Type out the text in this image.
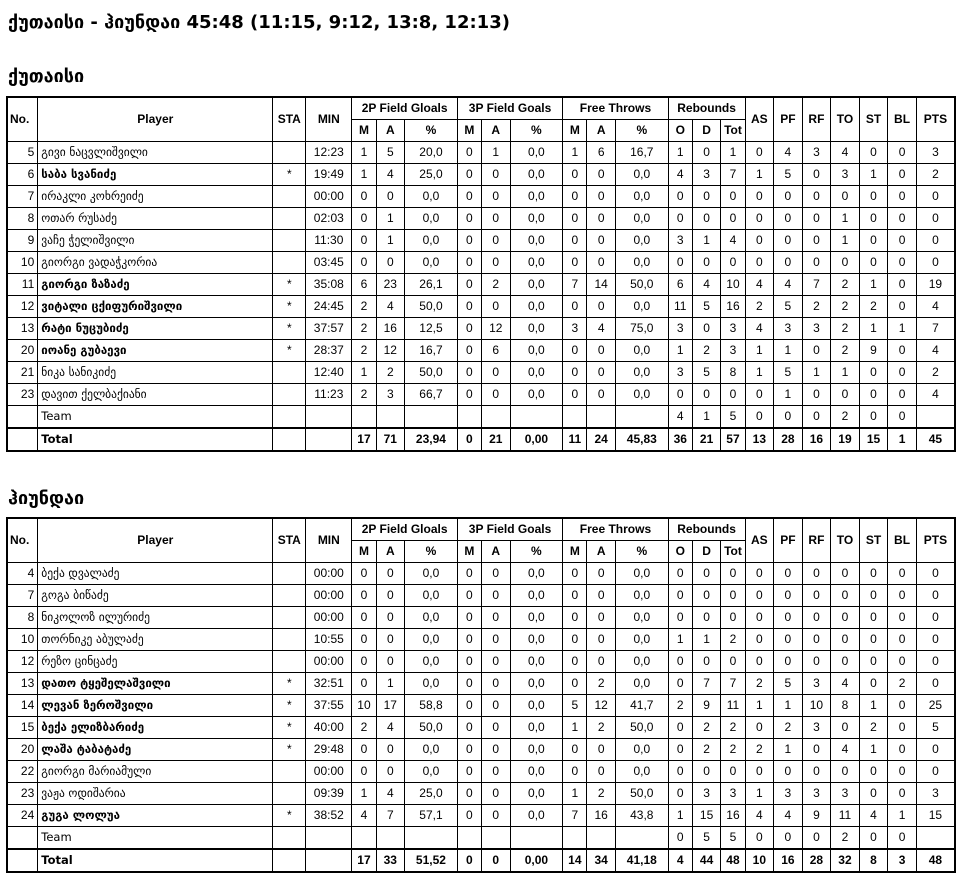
ქუთაისი - ჰიუნდაი 45:48 (11:15, 9:12, 13:8, 12:13)
ქუთაისი
No.	Player	STA	MIN	2P Field Gloals			3P Field Goals			Free Throws			Rebounds			AS	PF	RF	TO	ST	BL	PTS
				M	A	%	M	A	%	M	A	%	O	D	Tot							
5	გივი ნაცვლიშვილი		12:23	1	5	20,0	0	1	0,0	1	6	16,7	1	0	1	0	4	3	4	0	0	3
6	საბა სვანიძე	*	19:49	1	4	25,0	0	0	0,0	0	0	0,0	4	3	7	1	5	0	3	1	0	2
7	ირაკლი კოხრეიძე		00:00	0	0	0,0	0	0	0,0	0	0	0,0	0	0	0	0	0	0	0	0	0	0
8	ოთარ რუსაძე		02:03	0	1	0,0	0	0	0,0	0	0	0,0	0	0	0	0	0	0	1	0	0	0
9	ვაჩე ჭელიშვილი		11:30	0	1	0,0	0	0	0,0	0	0	0,0	3	1	4	0	0	0	1	0	0	0
10	გიორგი ვადაჭკორია		03:45	0	0	0,0	0	0	0,0	0	0	0,0	0	0	0	0	0	0	0	0	0	0
11	გიორგი ზაზაძე	*	35:08	6	23	26,1	0	2	0,0	7	14	50,0	6	4	10	4	4	7	2	1	0	19
12	ვიტალი ცქიფურიშვილი	*	24:45	2	4	50,0	0	0	0,0	0	0	0,0	11	5	16	2	5	2	2	2	0	4
13	რატი ნუცუბიძე	*	37:57	2	16	12,5	0	12	0,0	3	4	75,0	3	0	3	4	3	3	2	1	1	7
20	იოანე გუბაევი	*	28:37	2	12	16,7	0	6	0,0	0	0	0,0	1	2	3	1	1	0	2	9	0	4
21	ნიკა სანიკიძე		12:40	1	2	50,0	0	0	0,0	0	0	0,0	3	5	8	1	5	1	1	0	0	2
23	დავით ქელბაქიანი		11:23	2	3	66,7	0	0	0,0	0	0	0,0	0	0	0	0	1	0	0	0	0	4
	Team												4	1	5	0	0	0	2	0	0	
	Total			17	71	23,94	0	21	0,00	11	24	45,83	36	21	57	13	28	16	19	15	1	45
ჰიუნდაი
No.	Player	STA	MIN	2P Field Gloals			3P Field Goals			Free Throws			Rebounds			AS	PF	RF	TO	ST	BL	PTS
				M	A	%	M	A	%	M	A	%	O	D	Tot							
4	ბექა დვალაძე		00:00	0	0	0,0	0	0	0,0	0	0	0,0	0	0	0	0	0	0	0	0	0	0
7	გოგა ბიწაძე		00:00	0	0	0,0	0	0	0,0	0	0	0,0	0	0	0	0	0	0	0	0	0	0
8	ნიკოლოზ ილურიძე		00:00	0	0	0,0	0	0	0,0	0	0	0,0	0	0	0	0	0	0	0	0	0	0
10	თორნიკე აბულაძე		10:55	0	0	0,0	0	0	0,0	0	0	0,0	1	1	2	0	0	0	0	0	0	0
12	რეზო ცინცაძე		00:00	0	0	0,0	0	0	0,0	0	0	0,0	0	0	0	0	0	0	0	0	0	0
13	დათო ტყეშელაშვილი	*	32:51	0	1	0,0	0	0	0,0	0	2	0,0	0	7	7	2	5	3	4	0	2	0
14	ლევან ზეროშვილი	*	37:55	10	17	58,8	0	0	0,0	5	12	41,7	2	9	11	1	1	10	8	1	0	25
15	ბექა ელიზბარიძე	*	40:00	2	4	50,0	0	0	0,0	1	2	50,0	0	2	2	0	2	3	0	2	0	5
20	ლაშა ტაბატაძე	*	29:48	0	0	0,0	0	0	0,0	0	0	0,0	0	2	2	2	1	0	4	1	0	0
22	გიორგი მარიამული		00:00	0	0	0,0	0	0	0,0	0	0	0,0	0	0	0	0	0	0	0	0	0	0
23	ვაჟა ოდიშარია		09:39	1	4	25,0	0	0	0,0	1	2	50,0	0	3	3	1	3	3	3	0	0	3
24	გუგა ლოლუა	*	38:52	4	7	57,1	0	0	0,0	7	16	43,8	1	15	16	4	4	9	11	4	1	15
	Team												0	5	5	0	0	0	2	0	0	
	Total			17	33	51,52	0	0	0,00	14	34	41,18	4	44	48	10	16	28	32	8	3	48
